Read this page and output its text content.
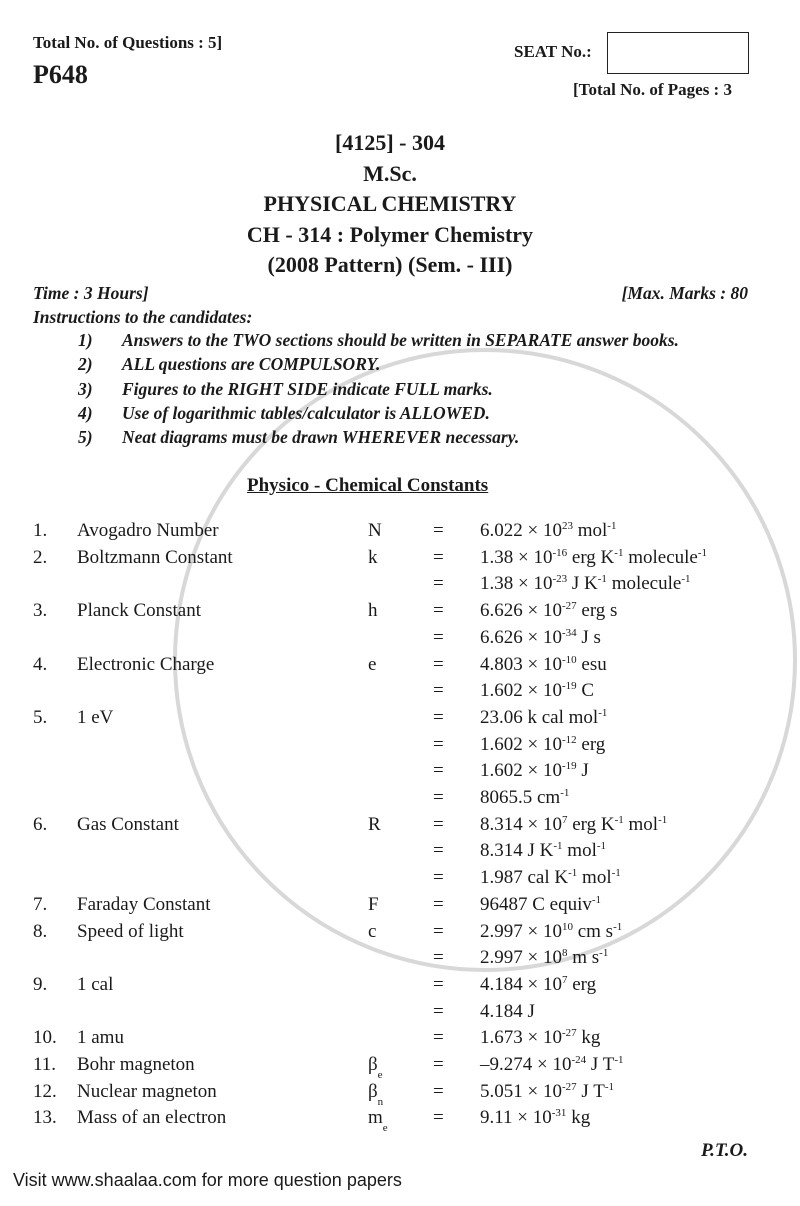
Total No. of Questions : 5]
P648
SEAT No.:
[Total No. of Pages : 3
[4125] - 304
M.Sc.
PHYSICAL CHEMISTRY
CH - 314 : Polymer Chemistry
(2008 Pattern) (Sem. - III)
Time : 3 Hours]	[Max. Marks : 80
Instructions to the candidates:
1) Answers to the TWO sections should be written in SEPARATE answer books.
2) ALL questions are COMPULSORY.
3) Figures to the RIGHT SIDE indicate FULL marks.
4) Use of logarithmic tables/calculator is ALLOWED.
5) Neat diagrams must be drawn WHEREVER necessary.
Physico - Chemical Constants
1. Avogadro Number	N	= $6.022 \times 10^{23}$ mol$^{-1}$
2. Boltzmann Constant	k	= $1.38 \times 10^{-16}$ erg $K^{-1}$ molecule$^{-1}$
= $1.38 \times 10^{-23}$ J $K^{-1}$ molecule$^{-1}$
3. Planck Constant	h	= $6.626 \times 10^{-27}$ erg s
= $6.626 \times 10^{-34}$ J s
4. Electronic Charge	e	= $4.803 \times 10^{-10}$ esu
= $1.602 \times 10^{-19}$ C
5. 1 eV	= 23.06 k cal mol$^{-1}$
= $1.602 \times 10^{-12}$ erg
= $1.602 \times 10^{-19}$ J
= 8065.5 $cm^{-1}$
6. Gas Constant	R	= $8.314 \times 10^7$ erg $K^{-1}$ mol$^{-1}$
= 8.314 J $K^{-1}$ mol$^{-1}$
= 1.987 cal $K^{-1}$ mol$^{-1}$
7. Faraday Constant	F	= 96487 C equiv$^{-1}$
8. Speed of light	c	= $2.997 \times 10^{10}$ cm $s^{-1}$
= $2.997 \times 10^8$ m $s^{-1}$
9. 1 cal	= $4.184 \times 10^7$ erg
= 4.184 J
10. 1 amu	= $1.673 \times 10^{-27}$ kg
11. Bohr magneton	$\beta_e$	= $-9.274 \times 10^{-24}$ J $T^{-1}$
12. Nuclear magneton	$\beta_n$	= $5.051 \times 10^{-27}$ J $T^{-1}$
13. Mass of an electron	$m_e = 9.11 \times 10^{-31}$ kg
P.T.O.
Visit www.shaalaa.com for more question papers
